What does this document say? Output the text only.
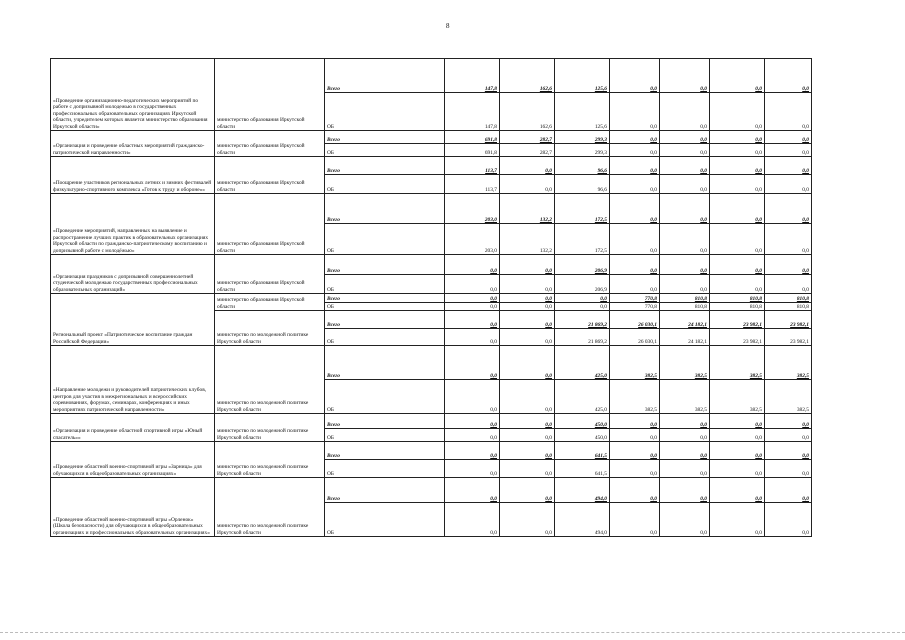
8
«Проведение организационно-педагогических мероприятий по работе с допризывной молодежью в государственных профессиональных образовательных организациях Иркутской области, учредителем которых является министерство образования Иркутской области»	министерство образования Иркутской области	Всего	147,8	162,6	125,6	0,0	0,0	0,0	0,0
		ОБ	147,8	162,6	125,6	0,0	0,0	0,0	0,0
«Организация и проведение областных мероприятий гражданско-патриотической направленности»	министерство образования Иркутской области	Всего	691,8	282,7	299,3	0,0	0,0	0,0	0,0
		ОБ	691,8	282,7	299,3	0,0	0,0	0,0	0,0
«Поощрение участников региональных летних и зимних фестивалей физкультурно-спортивного комплекса «Готов к труду и обороне»»	министерство образования Иркутской области	Всего	113,7	0,0	96,6	0,0	0,0	0,0	0,0
		ОБ	113,7	0,0	96,6	0,0	0,0	0,0	0,0
«Проведение мероприятий, направленных на выявление и распространение лучших практик в образовательных организациях Иркутской области по гражданско-патриотическому воспитанию и допризывной работе с молодёжью»	министерство образования Иркутской области	Всего	203,0	132,2	172,5	0,0	0,0	0,0	0,0
		ОБ	203,0	132,2	172,5	0,0	0,0	0,0	0,0
«Организация праздников с допризывной совершеннолетней студенческой молодежью государственных профессиональных образовательных организаций»	министерство образования Иркутской области	Всего	0,0	0,0	206,9	0,0	0,0	0,0	0,0
		ОБ	0,0	0,0	206,9	0,0	0,0	0,0	0,0
Региональный проект «Патриотическое воспитание граждан Российской Федерации»	министерство образования Иркутской области	Всего	0,0	0,0	0,0	770,8	810,8	810,8	810,8
		ОБ	0,0	0,0	0,0	770,8	810,8	810,8	810,8
	министерство по молодежной политике Иркутской области	Всего	0,0	0,0	21 869,2	26 030,1	24 182,1	23 982,1	23 982,1
		ОБ	0,0	0,0	21 869,2	26 030,1	24 182,1	23 982,1	23 982,1
«Направление молодежи и руководителей патриотических клубов, центров для участия в межрегиональных и всероссийских соревнованиях, форумах, семинарах, конференциях и иных мероприятиях патриотической направленности»	министерство по молодежной политике Иркутской области	Всего	0,0	0,0	425,0	382,5	382,5	382,5	382,5
		ОБ	0,0	0,0	425,0	382,5	382,5	382,5	382,5
«Организация и проведение областной спортивной игры «Юный спасатель»»	министерство по молодежной политике Иркутской области	Всего	0,0	0,0	450,0	0,0	0,0	0,0	0,0
		ОБ	0,0	0,0	450,0	0,0	0,0	0,0	0,0
«Проведение областной военно-спортивной игры «Зарница» для обучающихся в общеобразовательных организациях»	министерство по молодежной политике Иркутской области	Всего	0,0	0,0	641,5	0,0	0,0	0,0	0,0
		ОБ	0,0	0,0	641,5	0,0	0,0	0,0	0,0
«Проведение областной военно-спортивной игры «Орленок» (Школа безопасности) для обучающихся в общеобразовательных организациях и профессиональных образовательных организациях»	министерство по молодежной политике Иркутской области	Всего	0,0	0,0	494,0	0,0	0,0	0,0	0,0
		ОБ	0,0	0,0	494,0	0,0	0,0	0,0	0,0
